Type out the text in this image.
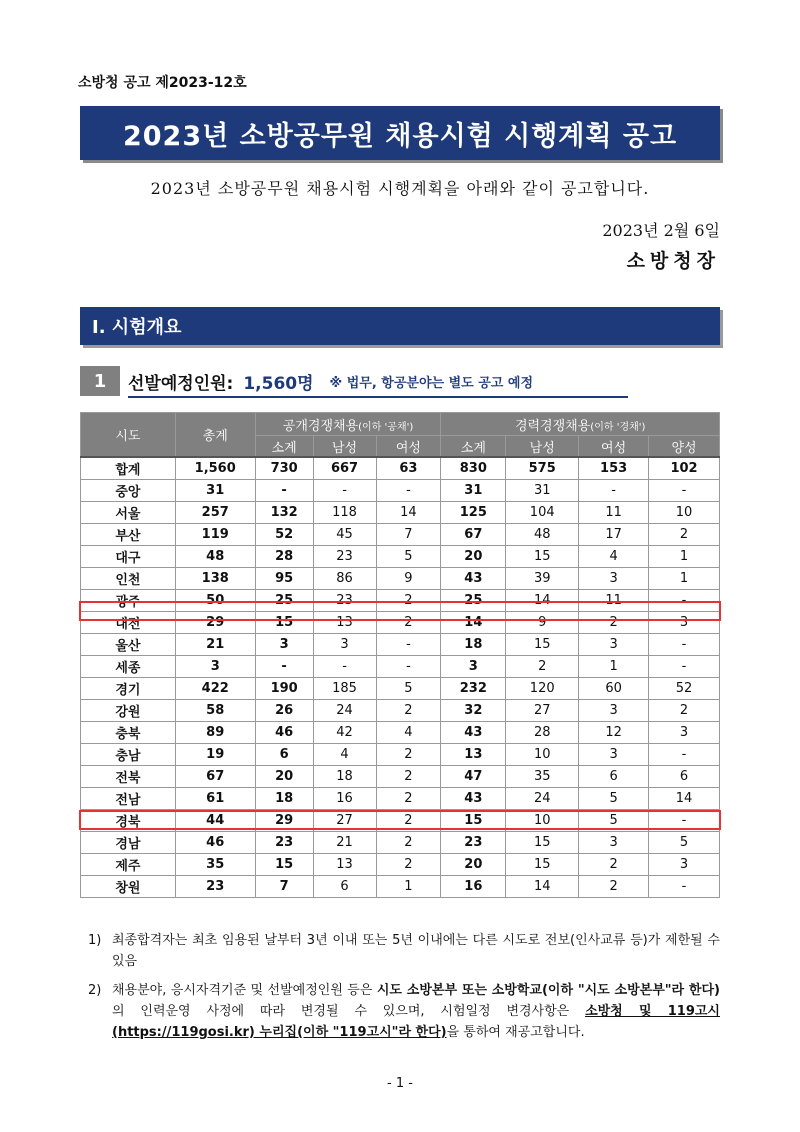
소방청 공고 제2023-12호
2023년 소방공무원 채용시험 시행계획 공고
2023년 소방공무원 채용시험 시행계획을 아래와 같이 공고합니다.
2023년 2월 6일
소방청장
Ⅰ. 시험개요
1	선발예정인원: 1,560명 ※ 법무, 항공분야는 별도 공고 예정
시도	총계	공개경쟁채용(이하 '공채')			경력경쟁채용(이하 '경채')			
		소계	남성	여성	소계	남성	여성	양성
합계	1,560	730	667	63	830	575	153	102
중앙	31	-	-	-	31	31	-	-
서울	257	132	118	14	125	104	11	10
부산	119	52	45	7	67	48	17	2
대구	48	28	23	5	20	15	4	1
인천	138	95	86	9	43	39	3	1
광주	50	25	23	2	25	14	11	-
대전	29	15	13	2	14	9	2	3
울산	21	3	3	-	18	15	3	-
세종	3	-	-	-	3	2	1	-
경기	422	190	185	5	232	120	60	52
강원	58	26	24	2	32	27	3	2
충북	89	46	42	4	43	28	12	3
충남	19	6	4	2	13	10	3	-
전북	67	20	18	2	47	35	6	6
전남	61	18	16	2	43	24	5	14
경북	44	29	27	2	15	10	5	-
경남	46	23	21	2	23	15	3	5
제주	35	15	13	2	20	15	2	3
창원	23	7	6	1	16	14	2	-
1) 최종합격자는 최초 임용된 날부터 3년 이내 또는 5년 이내에는 다른 시도로 전보(인사교류 등)가 제한될 수 있음
2) 채용분야, 응시자격기준 및 선발예정인원 등은 시도 소방본부 또는 소방학교(이하 "시도 소방본부"라 한다)의 인력운영 사정에 따라 변경될 수 있으며, 시험일정 변경사항은 소방청 및 119고시(https://119gosi.kr) 누리집(이하 "119고시"라 한다)을 통하여 재공고합니다.
- 1 -
